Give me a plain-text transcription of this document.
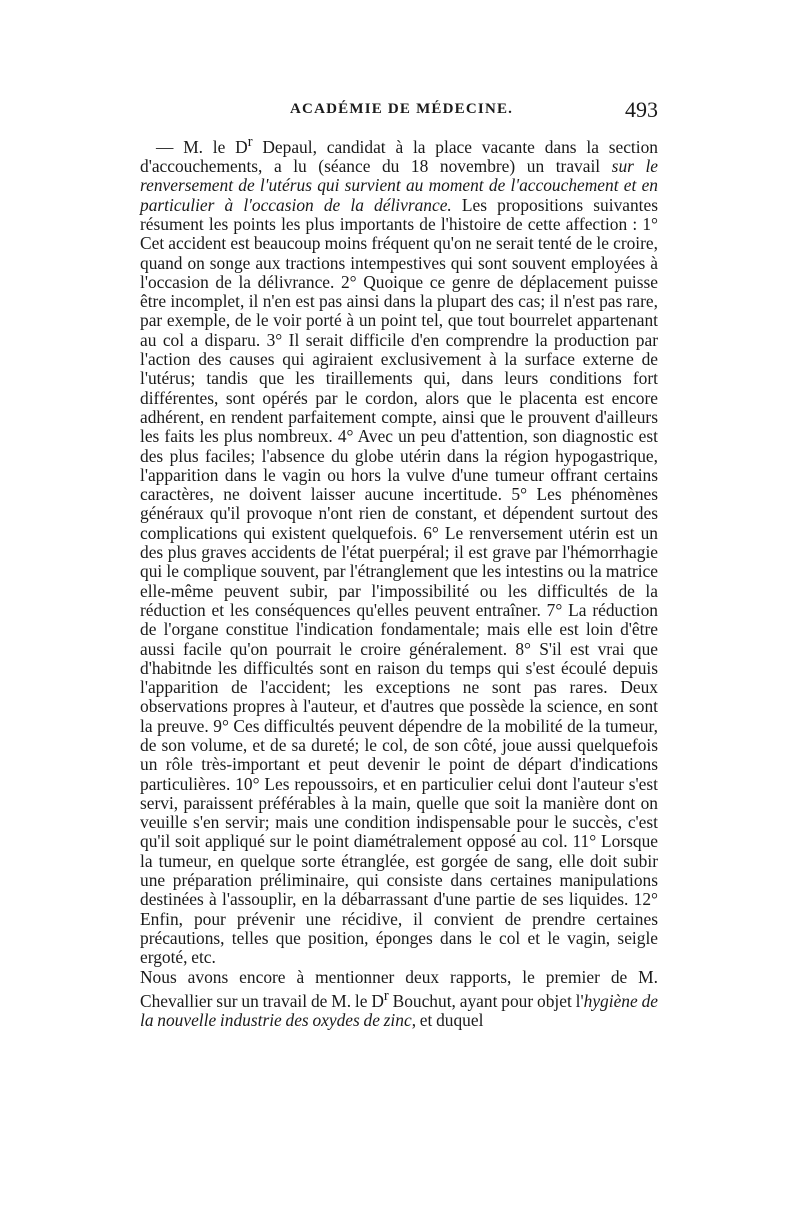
ACADÉMIE DE MÉDECINE.	493

— M. le $D^r$ Depaul, candidat à la place vacante dans la section d'accouchements, a lu (séance du 18 novembre) un travail sur le renversement de l'utérus qui survient au moment de l'accouchement et en particulier à l'occasion de la délivrance. Les propositions suivantes résument les points les plus importants de l'histoire de cette affection : 1° Cet accident est beaucoup moins fréquent qu'on ne serait tenté de le croire, quand on songe aux tractions intempestives qui sont souvent employées à l'occasion de la délivrance. 2° Quoique ce genre de déplacement puisse être incomplet, il n'en est pas ainsi dans la plupart des cas; il n'est pas rare, par exemple, de le voir porté à un point tel, que tout bourrelet appartenant au col a disparu. 3° Il serait difficile d'en comprendre la production par l'action des causes qui agiraient exclusivement à la surface externe de l'utérus; tandis que les tiraillements qui, dans leurs conditions fort différentes, sont opérés par le cordon, alors que le placenta est encore adhérent, en rendent parfaitement compte, ainsi que le prouvent d'ailleurs les faits les plus nombreux. 4° Avec un peu d'attention, son diagnostic est des plus faciles; l'absence du globe utérin dans la région hypogastrique, l'apparition dans le vagin ou hors la vulve d'une tumeur offrant certains caractères, ne doivent laisser aucune incertitude. 5° Les phénomènes généraux qu'il provoque n'ont rien de constant, et dépendent surtout des complications qui existent quelquefois. 6° Le renversement utérin est un des plus graves accidents de l'état puerpéral; il est grave par l'hémorrhagie qui le complique souvent, par l'étranglement que les intestins ou la matrice elle-même peuvent subir, par l'impossibilité ou les difficultés de la réduction et les conséquences qu'elles peuvent entraîner. 7° La réduction de l'organe constitue l'indication fondamentale; mais elle est loin d'être aussi facile qu'on pourrait le croire généralement. 8° S'il est vrai que d'habitnde les difficultés sont en raison du temps qui s'est écoulé depuis l'apparition de l'accident; les exceptions ne sont pas rares. Deux observations propres à l'auteur, et d'autres que possède la science, en sont la preuve. 9° Ces difficultés peuvent dépendre de la mobilité de la tumeur, de son volume, et de sa dureté; le col, de son côté, joue aussi quelquefois un rôle très-important et peut devenir le point de départ d'indications particulières. 10° Les repoussoirs, et en particulier celui dont l'auteur s'est servi, paraissent préférables à la main, quelle que soit la manière dont on veuille s'en servir; mais une condition indispensable pour le succès, c'est qu'il soit appliqué sur le point diamétralement opposé au col. 11° Lorsque la tumeur, en quelque sorte étranglée, est gorgée de sang, elle doit subir une préparation préliminaire, qui consiste dans certaines manipulations destinées à l'assouplir, en la débarrassant d'une partie de ses liquides. 12° Enfin, pour prévenir une récidive, il convient de prendre certaines précautions, telles que position, éponges dans le col et le vagin, seigle ergoté, etc.

Nous avons encore à mentionner deux rapports, le premier de M. Chevallier sur un travail de M. le $D^r$ Bouchut, ayant pour objet l'hygiène de la nouvelle industrie des oxydes de zinc, et duquel
